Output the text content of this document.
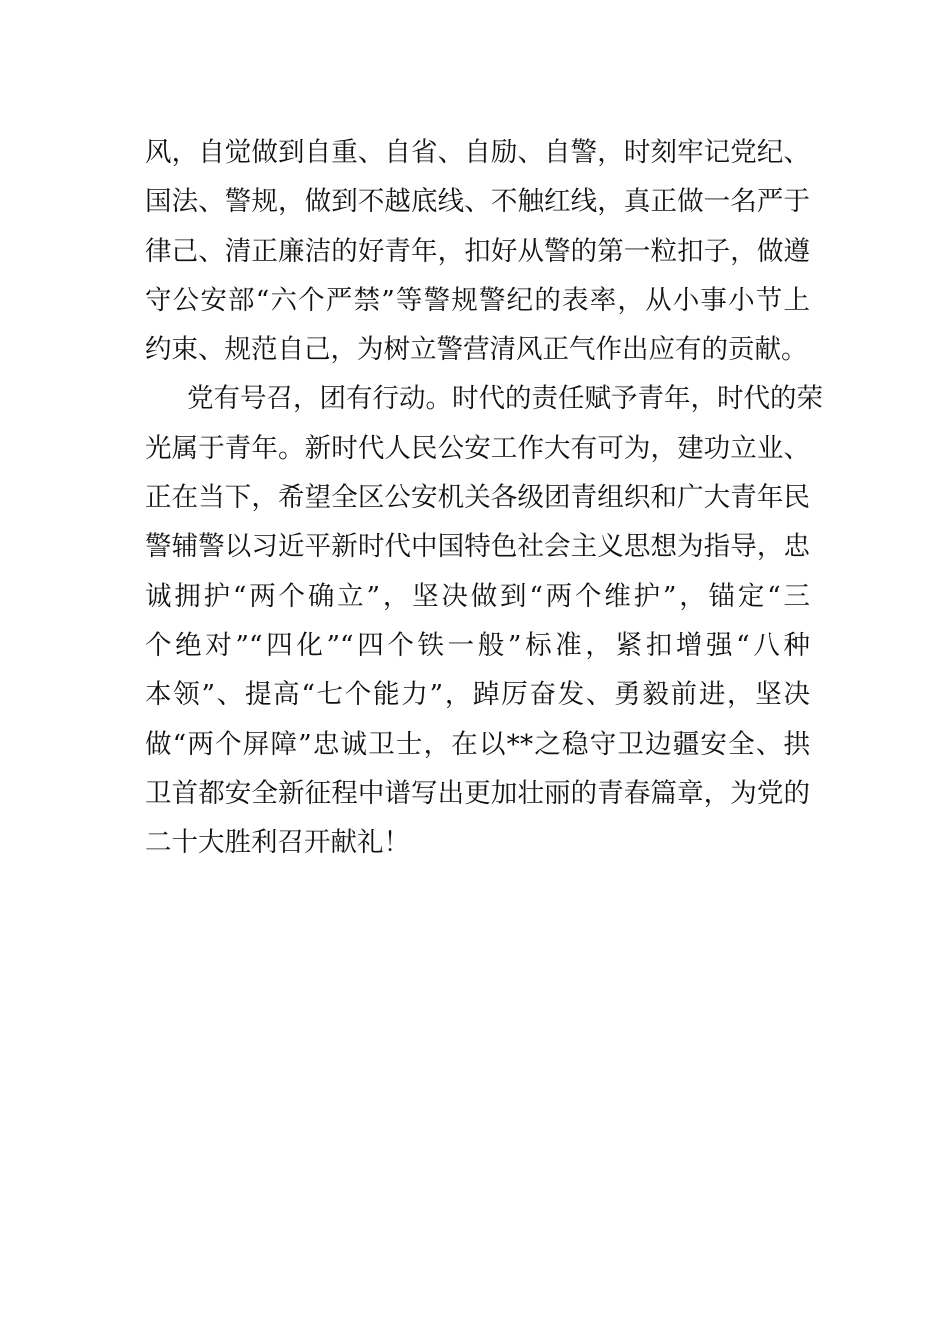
风，自觉做到自重、自省、自励、自警，时刻牢记党纪、
国法、警规，做到不越底线、不触红线，真正做一名严于
律己、清正廉洁的好青年，扣好从警的第一粒扣子，做遵
守公安部“六个严禁”等警规警纪的表率，从小事小节上
约束、规范自己，为树立警营清风正气作出应有的贡献。
党有号召，团有行动。时代的责任赋予青年，时代的荣
光属于青年。新时代人民公安工作大有可为，建功立业、
正在当下，希望全区公安机关各级团青组织和广大青年民
警辅警以习近平新时代中国特色社会主义思想为指导，忠
诚拥护“两个确立”，坚决做到“两个维护”，锚定“三
个绝对”“四化”“四个铁一般”标准，紧扣增强“八种
本领”、提高“七个能力”，踔厉奋发、勇毅前进，坚决
做“两个屏障”忠诚卫士，在以**之稳守卫边疆安全、拱
卫首都安全新征程中谱写出更加壮丽的青春篇章，为党的
二十大胜利召开献礼！
